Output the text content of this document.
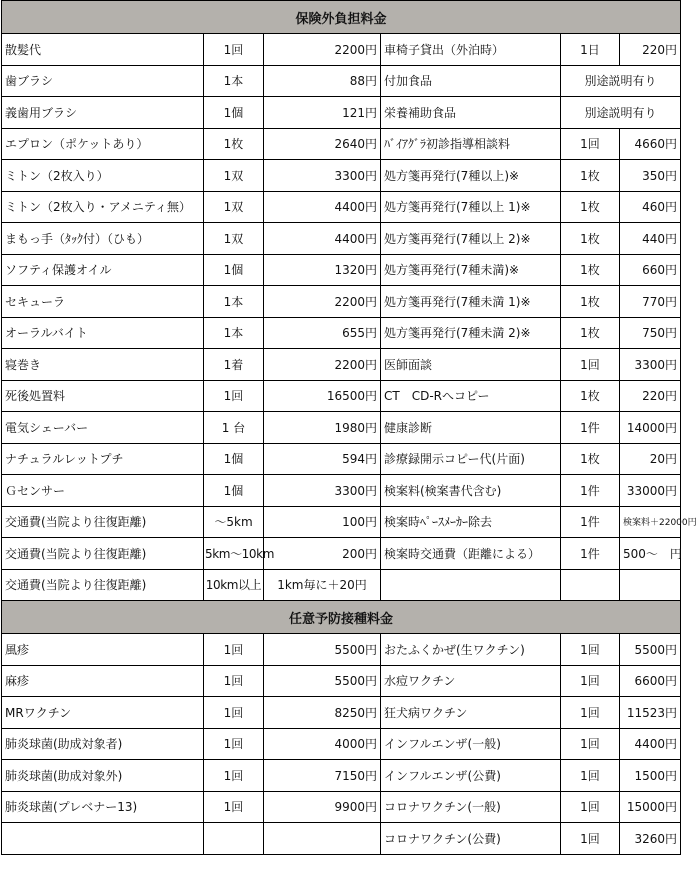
保険外負担料金					
散髪代	1回	2200円	車椅子貸出（外泊時）	1日	220円
歯ブラシ	1本	88円	付加食品	別途説明有り	
義歯用ブラシ	1個	121円	栄養補助食品	別途説明有り	
エプロン（ポケットあり）	1枚	2640円	ﾊﾞｲｱｸﾞﾗ初診指導相談料	1回	4660円
ミトン（2枚入り）	1双	3300円	処方箋再発行(7種以上)※	1枚	350円
ミトン（2枚入り・アメニティ無）	1双	4400円	処方箋再発行(7種以上 1)※	1枚	460円
まもっ手（ﾀｯｸ付）（ひも）	1双	4400円	処方箋再発行(7種以上 2)※	1枚	440円
ソフティ保護オイル	1個	1320円	処方箋再発行(7種未満)※	1枚	660円
セキューラ	1本	2200円	処方箋再発行(7種未満 1)※	1枚	770円
オーラルバイト	1本	655円	処方箋再発行(7種未満 2)※	1枚	750円
寝巻き	1着	2200円	医師面談	1回	3300円
死後処置料	1回	16500円	CT　CD-Rへコピー	1枚	220円
電気シェーバー	1 台	1980円	健康診断	1件	14000円
ナチュラルレットプチ	1個	594円	診療録開示コピー代(片面)	1枚	20円
Ｇセンサー	1個	3300円	検案料(検案書代含む)	1件	33000円
交通費(当院より往復距離)	～5km	100円	検案時ﾍﾟｰｽﾒｰｶｰ除去	1件	検案料＋22000円
交通費(当院より往復距離)	5km～10km	200円	検案時交通費（距離による）	1件	500～　円
交通費(当院より往復距離)	10km以上	1km毎に＋20円			
任意予防接種料金					
風疹	1回	5500円	おたふくかぜ(生ワクチン)	1回	5500円
麻疹	1回	5500円	水痘ワクチン	1回	6600円
MRワクチン	1回	8250円	狂犬病ワクチン	1回	11523円
肺炎球菌(助成対象者)	1回	4000円	インフルエンザ(一般)	1回	4400円
肺炎球菌(助成対象外)	1回	7150円	インフルエンザ(公費)	1回	1500円
肺炎球菌(プレベナー13)	1回	9900円	コロナワクチン(一般)	1回	15000円
			コロナワクチン(公費)	1回	3260円
